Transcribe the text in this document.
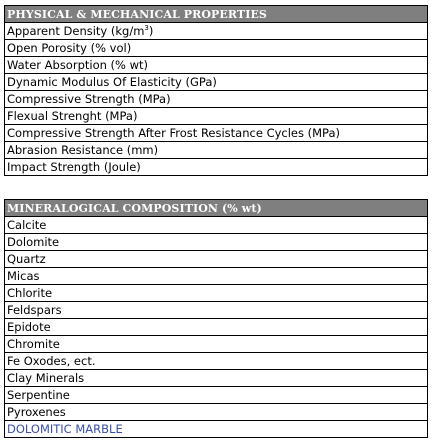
PHYSICAL & MECHANICAL PROPERTIES
Apparent Density $(kg/m^3)$
Open Porosity (% vol)
Water Absorption (% wt)
Dynamic Modulus Of Elasticity (GPa)
Compressive Strength (MPa)
Flexual Strenght (MPa)
Compressive Strength After Frost Resistance Cycles (MPa)
Abrasion Resistance (mm)
Impact Strength (Joule)
MINERALOGICAL COMPOSITION (% wt)
Calcite
Dolomite
Quartz
Micas
Chlorite
Feldspars
Epidote
Chromite
Fe Oxodes, ect.
Clay Minerals
Serpentine
Pyroxenes
DOLOMITIC MARBLE
